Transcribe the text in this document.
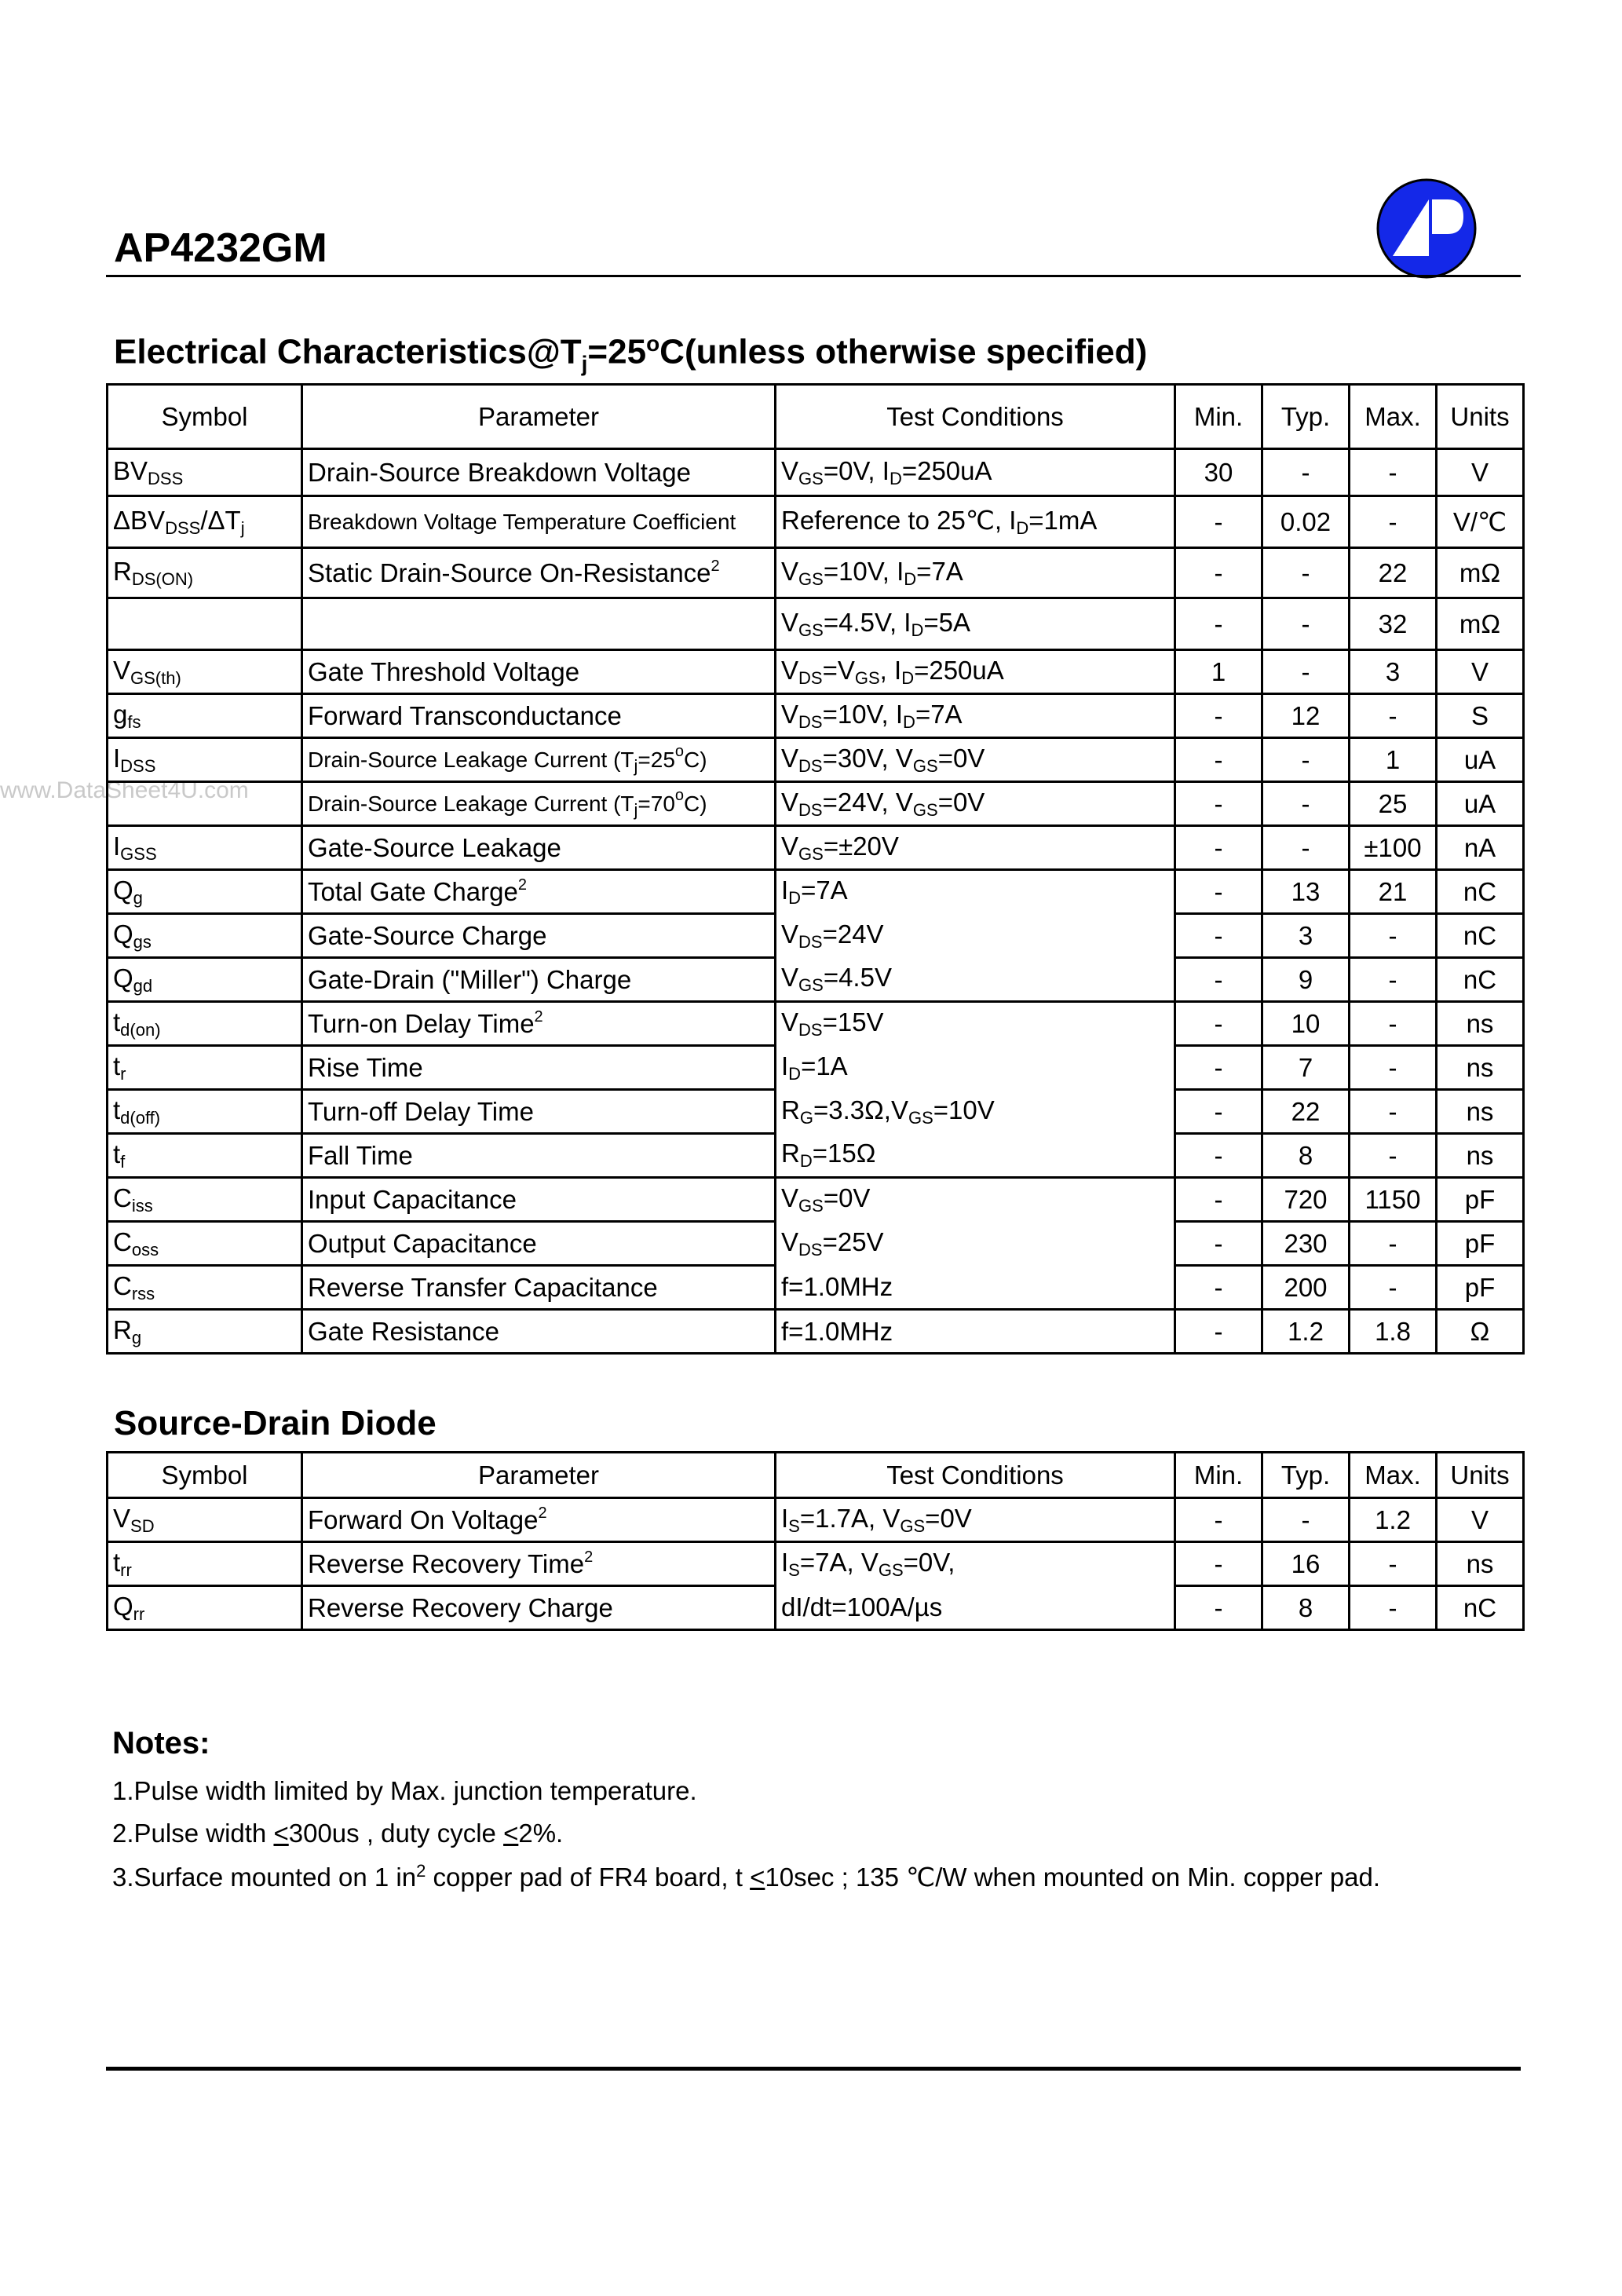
AP4232GM
www.DataSheet4U.com
Electrical $Characteristics@T_j=25^oC(unless$ otherwise specified)
Symbol	Parameter	Test Conditions	Min.	Typ.	Max.	Units
$BV_{DSS}$	Drain-Source Breakdown Voltage	$V_{GS}=0V$, $I_D=250uA$	30	-	-	V
$\Delta BV_{DSS}/\Delta T_j$	Breakdown Voltage Temperature Coefficient	Reference to 25℃, $I_D=1mA$	-	0.02	-	V/℃
$R_{DS(ON)}$	Static Drain-Source On-Resistance$^2$	$V_{GS}=10V$, $I_D=7A$	-	-	22	mΩ
		$V_{GS}=4.5V$, $I_D=5A$	-	-	32	mΩ
$V_{GS(th)}$	Gate Threshold Voltage	$V_{DS}=V_{GS}$, $I_D=250uA$	1	-	3	V
$g_{fs}$	Forward Transconductance	$V_{DS}=10V$, $I_D=7A$	-	12	-	S
$I_{DSS}$	Drain-Source Leakage Current $(T_j=25^oC)$	$V_{DS}=30V$, $V_{GS}=0V$	-	-	1	uA
	Drain-Source Leakage Current $(T_j=70^oC)$	$V_{DS}=24V$, $V_{GS}=0V$	-	-	25	uA
$I_{GSS}$	Gate-Source Leakage	$V_{GS}=\pm 20V$	-	-	±100	nA
$Q_g$	Total Gate Charge$^2$	$I_D=7A$	-	13	21	nC
$Q_{gs}$	Gate-Source Charge	$V_{DS}=24V$	-	3	-	nC
$Q_{gd}$	Gate-Drain ("Miller") Charge	$V_{GS}=4.5V$	-	9	-	nC
$t_{d(on)}$	Turn-on Delay Time$^2$	$V_{DS}=15V$	-	10	-	ns
$t_r$	Rise Time	$I_D=1A$	-	7	-	ns
$t_{d(off)}$	Turn-off Delay Time	$R_G=3.3\Omega,V_{GS}=10V$	-	22	-	ns
$t_f$	Fall Time	$R_D=15\Omega$	-	8	-	ns
$C_{iss}$	Input Capacitance	$V_{GS}=0V$	-	720	1150	pF
$C_{oss}$	Output Capacitance	$V_{DS}=25V$	-	230	-	pF
$C_{rss}$	Reverse Transfer Capacitance	f=1.0MHz	-	200	-	pF
$R_g$	Gate Resistance	f=1.0MHz	-	1.2	1.8	Ω
Source-Drain Diode
Symbol	Parameter	Test Conditions	Min.	Typ.	Max.	Units
$V_{SD}$	Forward On Voltage$^2$	$I_S=1.7A$, $V_{GS}=0V$	-	-	1.2	V
$t_{rr}$	Reverse Recovery Time$^2$	$I_S=7A$, $V_{GS}=0V$,	-	16	-	ns
$Q_{rr}$	Reverse Recovery Charge	dI/dt=100A/µs	-	8	-	nC
Notes:
1.Pulse width limited by Max. junction temperature.
2.Pulse width <300us , duty cycle <2%.
3.Surface mounted on 1 $in^2$ copper pad of FR4 board, t <10sec ; 135 ℃/W when mounted on Min. copper pad.
